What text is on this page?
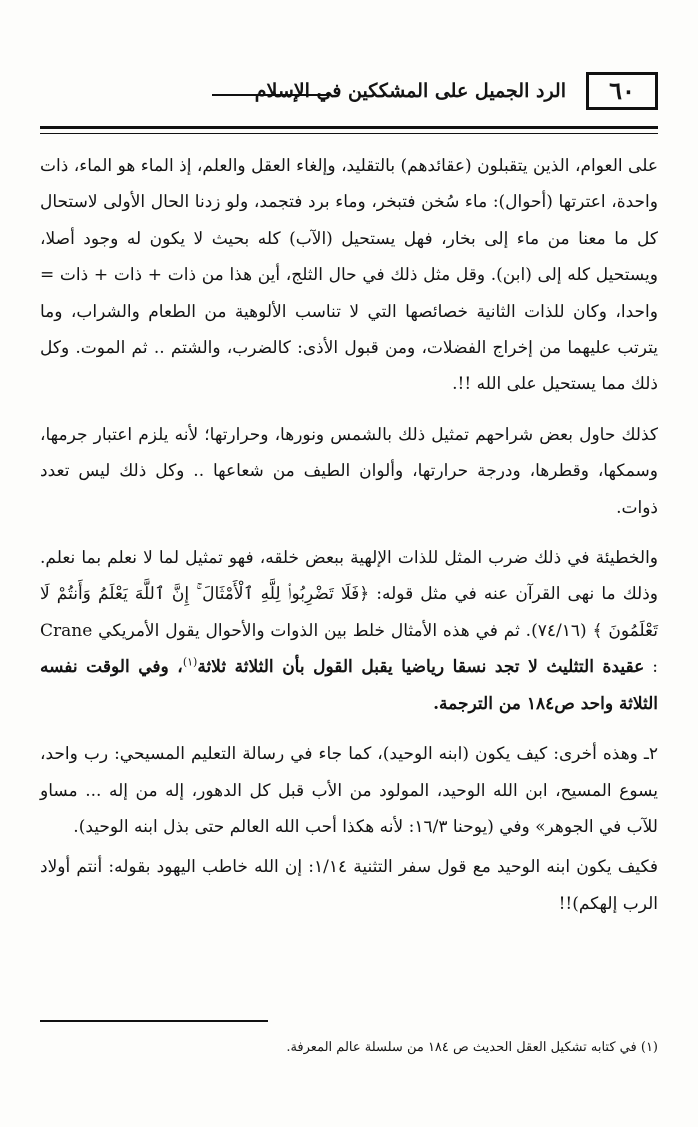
٦٠
الرد الجميل على المشككين في الإسلام

على العوام، الذين يتقبلون (عقائدهم) بالتقليد، وإلغاء العقل والعلم، إذ الماء هو الماء، ذات واحدة، اعترتها (أحوال): ماء سُخن فتبخر، وماء برد فتجمد، ولو زدنا الحال الأولى لاستحال كل ما معنا من ماء إلى بخار، فهل يستحيل (الآب) كله بحيث لا يكون له وجود أصلا، ويستحيل كله إلى (ابن). وقل مثل ذلك في حال الثلج، أين هذا من ذات + ذات + ذات = واحدا، وكان للذات الثانية خصائصها التي لا تناسب الألوهية من الطعام والشراب، وما يترتب عليهما من إخراج الفضلات، ومن قبول الأذى: كالضرب، والشتم .. ثم الموت. وكل ذلك مما يستحيل على الله !!.

كذلك حاول بعض شراحهم تمثيل ذلك بالشمس ونورها، وحرارتها؛ لأنه يلزم اعتبار جرمها، وسمكها، وقطرها، ودرجة حرارتها، وألوان الطيف من شعاعها .. وكل ذلك ليس تعدد ذوات.

والخطيئة في ذلك ضرب المثل للذات الإلهية ببعض خلقه، فهو تمثيل لما لا نعلم بما نعلم. وذلك ما نهى القرآن عنه في مثل قوله: ﴿فَلَا تَضْرِبُوا۟ لِلَّهِ ٱلْأَمْثَالَ ۚ إِنَّ ٱللَّهَ يَعْلَمُ وَأَنتُمْ لَا تَعْلَمُونَ ﴾ (٧٤/١٦). ثم في هذه الأمثال خلط بين الذوات والأحوال يقول الأمريكي Crane : عقيدة التثليث لا تجد نسقا رياضيا يقبل القول بأن الثلاثة ثلاثة$^{(١)}$، وفي الوقت نفسه الثلاثة واحد ص١٨٤ من الترجمة.

٢ـ وهذه أخرى: كيف يكون (ابنه الوحيد)، كما جاء في رسالة التعليم المسيحي: رب واحد، يسوع المسيح، ابن الله الوحيد، المولود من الأب قبل كل الدهور، إله من إله ... مساو للآب في الجوهر» وفي (يوحنا ١٦/٣: لأنه هكذا أحب الله العالم حتى بذل ابنه الوحيد).

فكيف يكون ابنه الوحيد مع قول سفر التثنية ١/١٤: إن الله خاطب اليهود بقوله: أنتم أولاد الرب إلهكم)!!

(١) في كتابه تشكيل العقل الحديث ص ١٨٤ من سلسلة عالم المعرفة.
